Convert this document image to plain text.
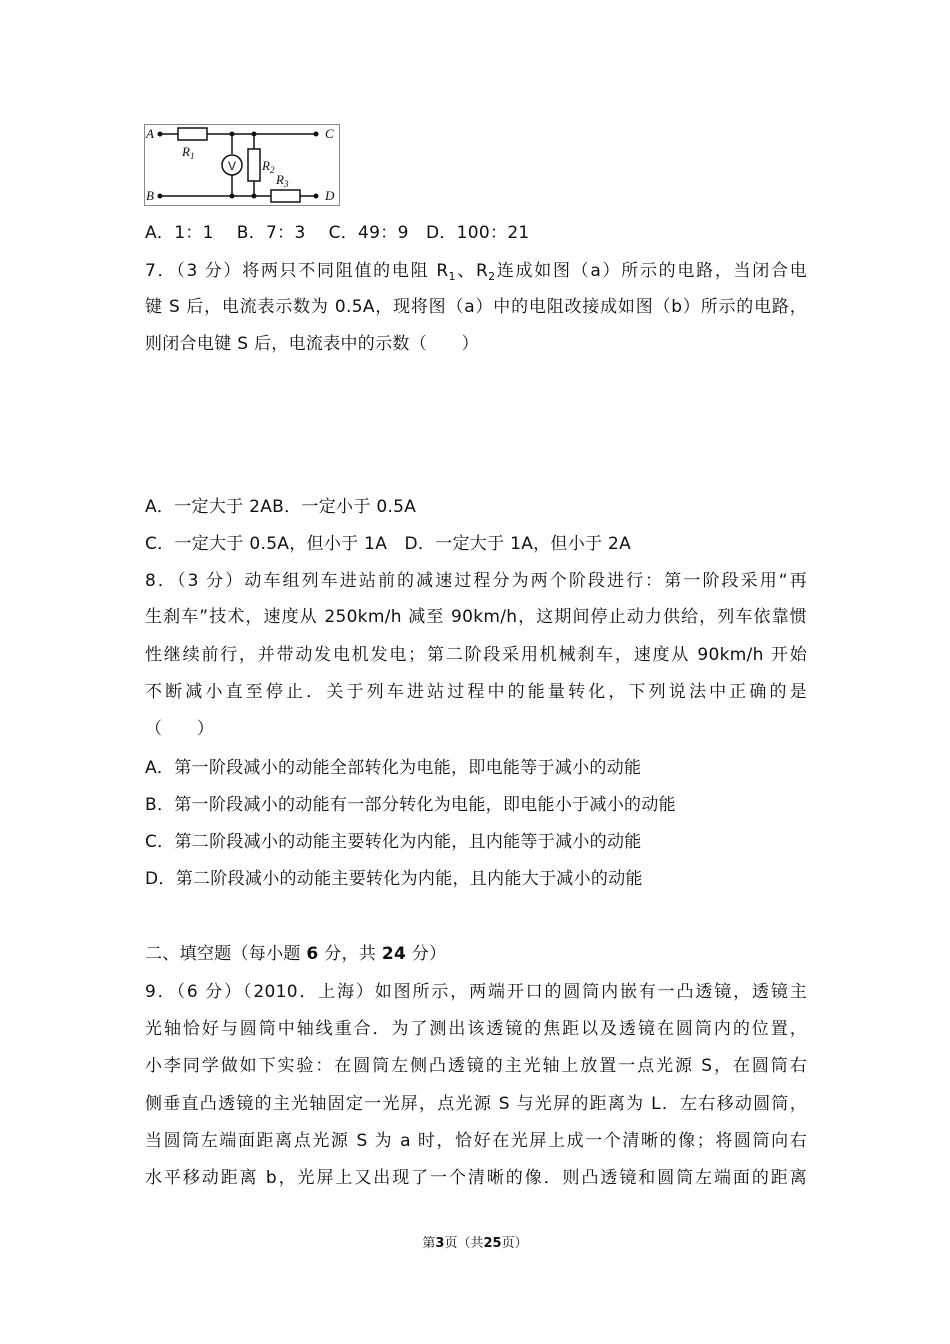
A
B
C
D
$R_1$
$R_2$
$R_3$
V
A．1：1　 B．7：3　 C．49：9　D．100：21
7．（3 分）将两只不同阻值的电阻 $R_1$、$R_2$连成如图（a）所示的电路，当闭合电
键 S 后，电流表示数为 0.5A，现将图（a）中的电阻改接成如图（b）所示的电路，
则闭合电键 S 后，电流表中的示数（　　）
A．一定大于 2AB．一定小于 0.5A
C．一定大于 0.5A，但小于 1A　D．一定大于 1A，但小于 2A
8．（3 分）动车组列车进站前的减速过程分为两个阶段进行：第一阶段采用“再
生刹车”技术，速度从 250km/h 减至 90km/h，这期间停止动力供给，列车依靠惯
性继续前行，并带动发电机发电；第二阶段采用机械刹车，速度从 90km/h 开始
不断减小直至停止．关于列车进站过程中的能量转化，下列说法中正确的是
（　　）
A．第一阶段减小的动能全部转化为电能，即电能等于减小的动能
B．第一阶段减小的动能有一部分转化为电能，即电能小于减小的动能
C．第二阶段减小的动能主要转化为内能，且内能等于减小的动能
D．第二阶段减小的动能主要转化为内能，且内能大于减小的动能
二、填空题（每小题 6 分，共 24 分）
9．（6 分）（2010．上海）如图所示，两端开口的圆筒内嵌有一凸透镜，透镜主
光轴恰好与圆筒中轴线重合．为了测出该透镜的焦距以及透镜在圆筒内的位置，
小李同学做如下实验：在圆筒左侧凸透镜的主光轴上放置一点光源 S，在圆筒右
侧垂直凸透镜的主光轴固定一光屏，点光源 S 与光屏的距离为 L．左右移动圆筒，
当圆筒左端面距离点光源 S 为 a 时，恰好在光屏上成一个清晰的像；将圆筒向右
水平移动距离 b，光屏上又出现了一个清晰的像．则凸透镜和圆筒左端面的距离
第3页（共25页）
